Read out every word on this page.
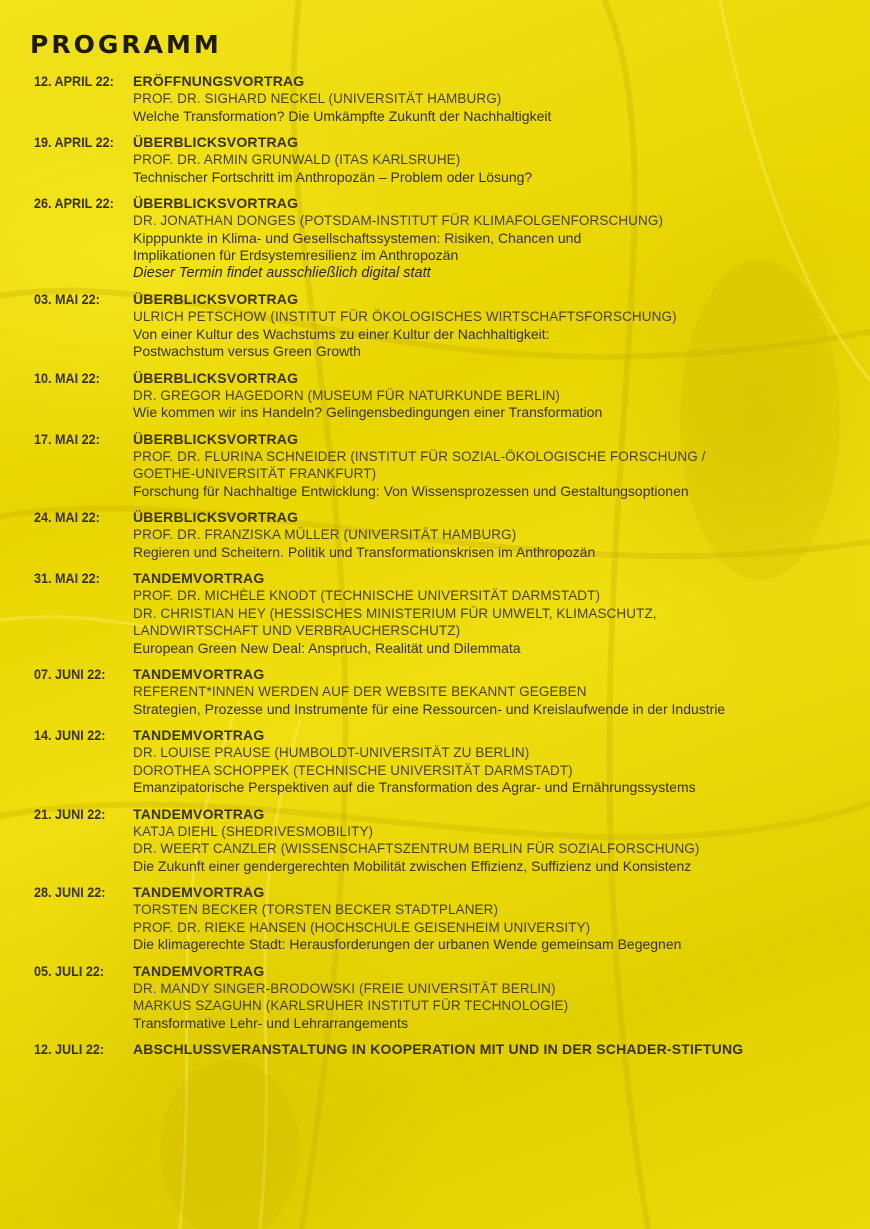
PROGRAMM
12. APRIL 22:	ERÖFFNUNGSVORTRAG
PROF. DR. SIGHARD NECKEL (UNIVERSITÄT HAMBURG)
Welche Transformation? Die Umkämpfte Zukunft der Nachhaltigkeit
19. APRIL 22:	ÜBERBLICKSVORTRAG
PROF. DR. ARMIN GRUNWALD (ITAS KARLSRUHE)
Technischer Fortschritt im Anthropozän – Problem oder Lösung?
26. APRIL 22:	ÜBERBLICKSVORTRAG
DR. JONATHAN DONGES (POTSDAM-INSTITUT FÜR KLIMAFOLGENFORSCHUNG)
Kipppunkte in Klima- und Gesellschaftssystemen: Risiken, Chancen und
Implikationen für Erdsystemresilienz im Anthropozän
Dieser Termin findet ausschließlich digital statt
03. MAI 22:	ÜBERBLICKSVORTRAG
ULRICH PETSCHOW (INSTITUT FÜR ÖKOLOGISCHES WIRTSCHAFTSFORSCHUNG)
Von einer Kultur des Wachstums zu einer Kultur der Nachhaltigkeit:
Postwachstum versus Green Growth
10. MAI 22:	ÜBERBLICKSVORTRAG
DR. GREGOR HAGEDORN (MUSEUM FÜR NATURKUNDE BERLIN)
Wie kommen wir ins Handeln? Gelingensbedingungen einer Transformation
17. MAI 22:	ÜBERBLICKSVORTRAG
PROF. DR. FLURINA SCHNEIDER (INSTITUT FÜR SOZIAL-ÖKOLOGISCHE FORSCHUNG /
GOETHE-UNIVERSITÄT FRANKFURT)
Forschung für Nachhaltige Entwicklung: Von Wissensprozessen und Gestaltungsoptionen
24. MAI 22:	ÜBERBLICKSVORTRAG
PROF. DR. FRANZISKA MÜLLER (UNIVERSITÄT HAMBURG)
Regieren und Scheitern. Politik und Transformationskrisen im Anthropozän
31. MAI 22:	TANDEMVORTRAG
PROF. DR. MICHÈLE KNODT (TECHNISCHE UNIVERSITÄT DARMSTADT)
DR. CHRISTIAN HEY (HESSISCHES MINISTERIUM FÜR UMWELT, KLIMASCHUTZ,
LANDWIRTSCHAFT UND VERBRAUCHERSCHUTZ)
European Green New Deal: Anspruch, Realität und Dilemmata
07. JUNI 22:	TANDEMVORTRAG
REFERENT*INNEN WERDEN AUF DER WEBSITE BEKANNT GEGEBEN
Strategien, Prozesse und Instrumente für eine Ressourcen- und Kreislaufwende in der Industrie
14. JUNI 22:	TANDEMVORTRAG
DR. LOUISE PRAUSE (HUMBOLDT-UNIVERSITÄT ZU BERLIN)
DOROTHEA SCHOPPEK (TECHNISCHE UNIVERSITÄT DARMSTADT)
Emanzipatorische Perspektiven auf die Transformation des Agrar- und Ernährungssystems
21. JUNI 22:	TANDEMVORTRAG
KATJA DIEHL (SHEDRIVESMOBILITY)
DR. WEERT CANZLER (WISSENSCHAFTSZENTRUM BERLIN FÜR SOZIALFORSCHUNG)
Die Zukunft einer gendergerechten Mobilität zwischen Effizienz, Suffizienz und Konsistenz
28. JUNI 22:	TANDEMVORTRAG
TORSTEN BECKER (TORSTEN BECKER STADTPLANER)
PROF. DR. RIEKE HANSEN (HOCHSCHULE GEISENHEIM UNIVERSITY)
Die klimagerechte Stadt: Herausforderungen der urbanen Wende gemeinsam Begegnen
05. JULI 22:	TANDEMVORTRAG
DR. MANDY SINGER-BRODOWSKI (FREIE UNIVERSITÄT BERLIN)
MARKUS SZAGUHN (KARLSRUHER INSTITUT FÜR TECHNOLOGIE)
Transformative Lehr- und Lehrarrangements
12. JULI 22:	ABSCHLUSSVERANSTALTUNG IN KOOPERATION MIT UND IN DER SCHADER-STIFTUNG
